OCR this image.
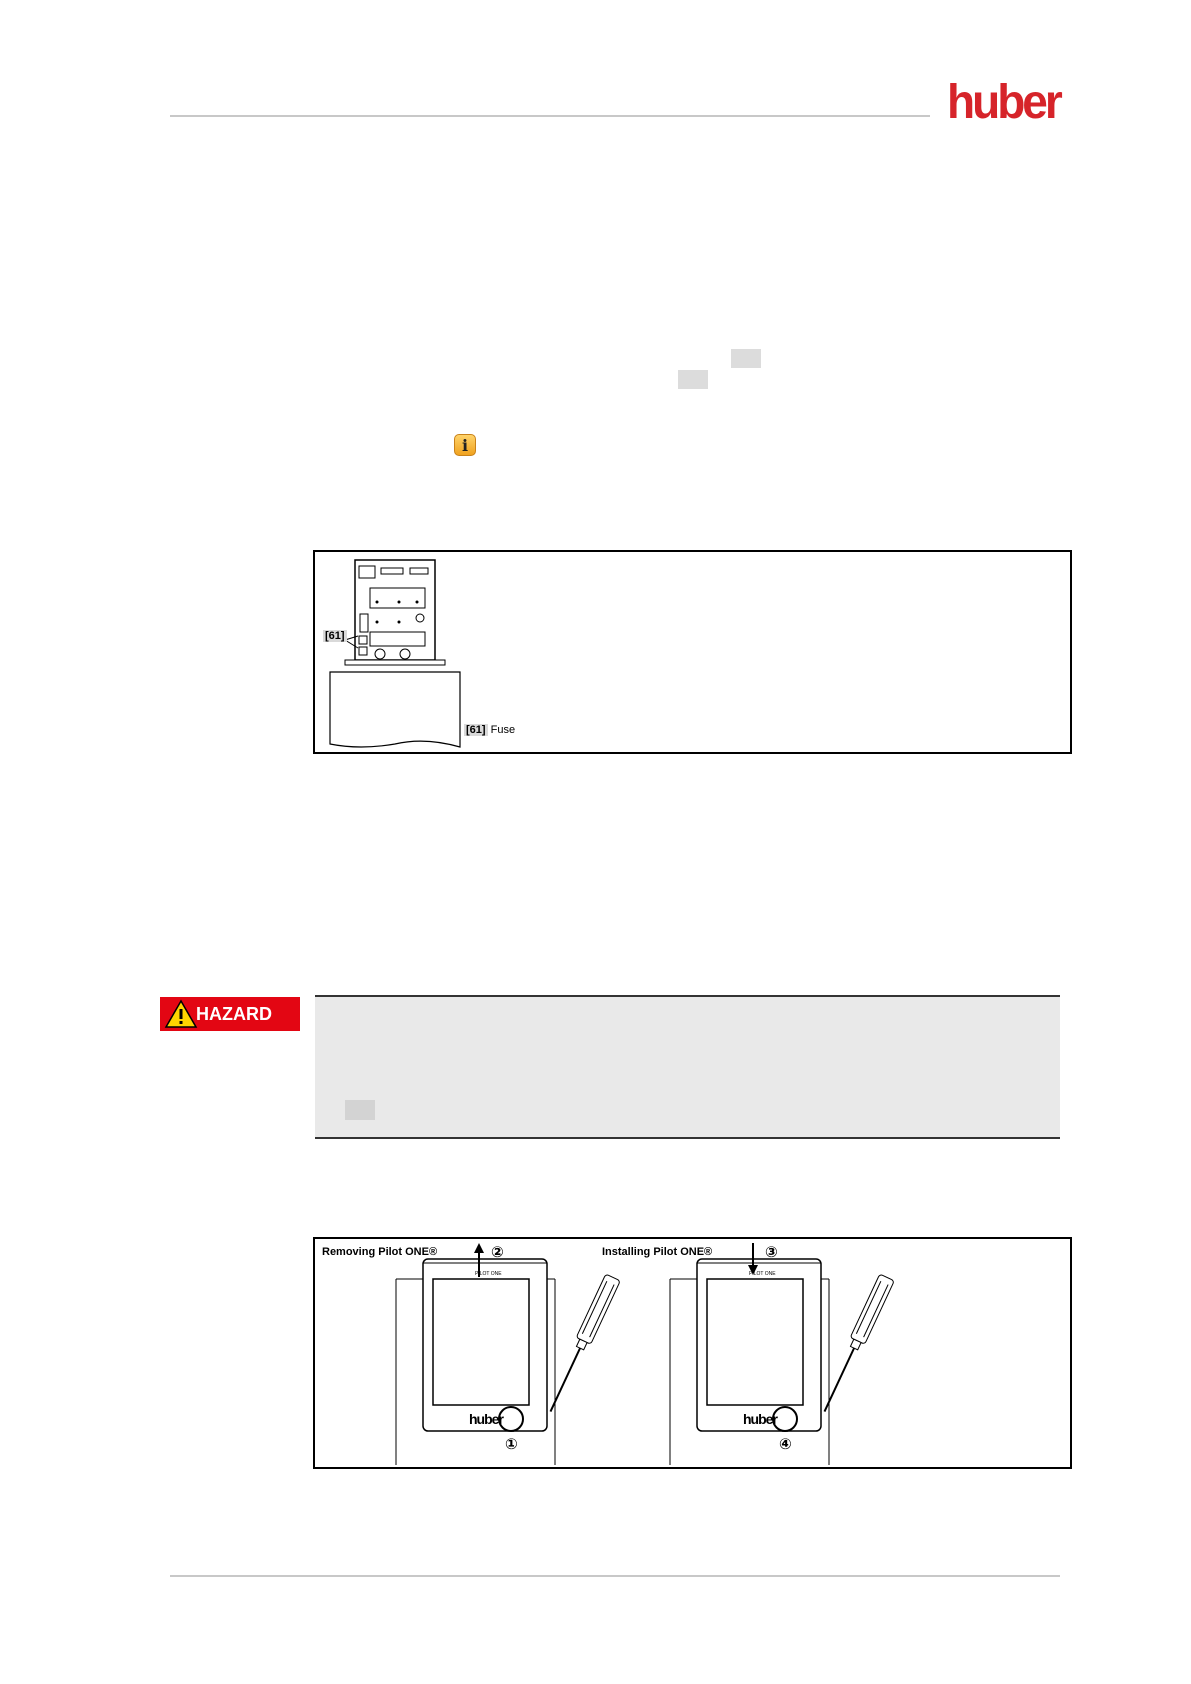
huber
i
[61]
[61] Fuse
HAZARD
Removing Pilot ONE®	Installing Pilot ONE®
huber
PILOT ONE
②
①
huber
PILOT ONE
③
④
